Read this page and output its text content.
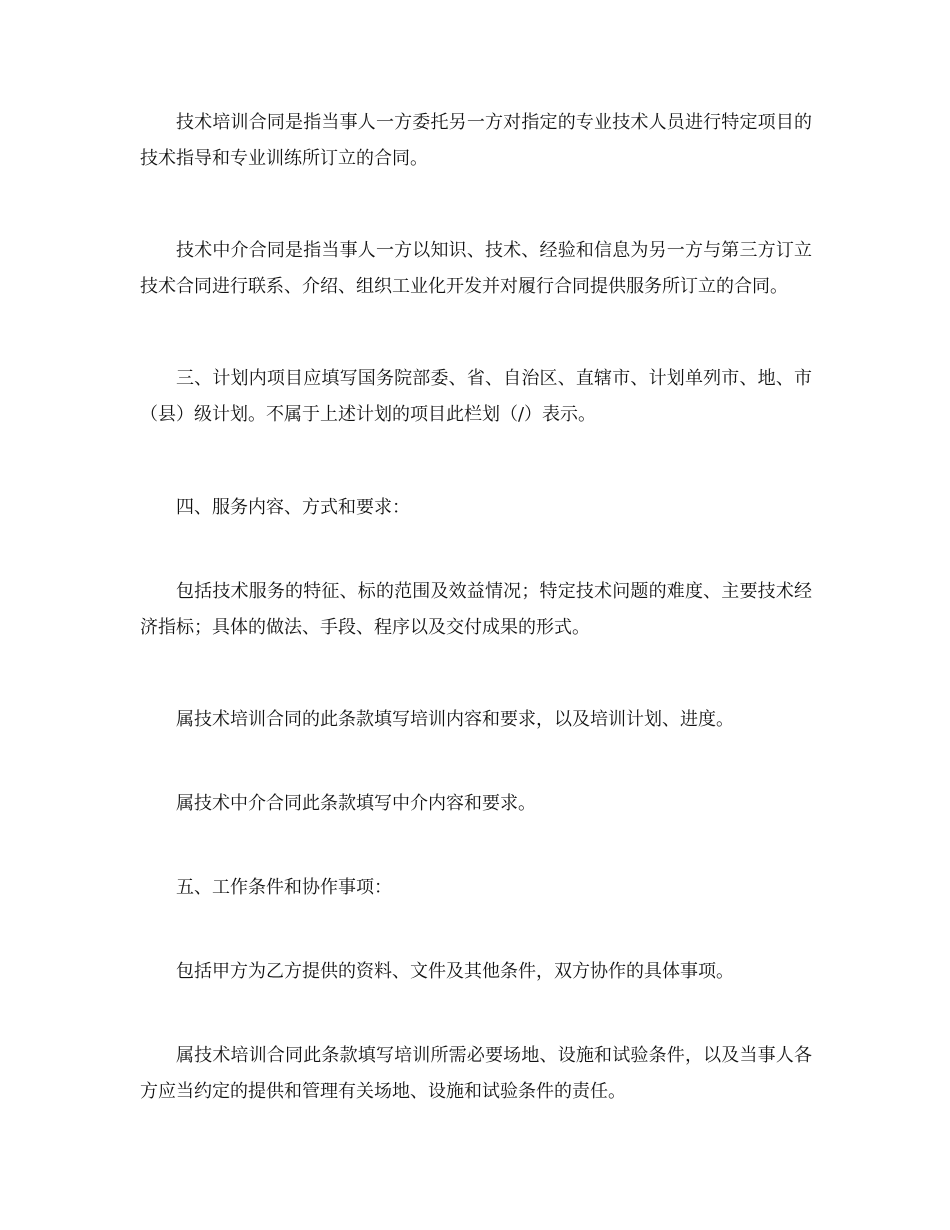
技术培训合同是指当事人一方委托另一方对指定的专业技术人员进行特定项目的技术指导和专业训练所订立的合同。

技术中介合同是指当事人一方以知识、技术、经验和信息为另一方与第三方订立技术合同进行联系、介绍、组织工业化开发并对履行合同提供服务所订立的合同。

三、计划内项目应填写国务院部委、省、自治区、直辖市、计划单列市、地、市（县）级计划。不属于上述计划的项目此栏划（/）表示。

四、服务内容、方式和要求：

包括技术服务的特征、标的范围及效益情况；特定技术问题的难度、主要技术经济指标；具体的做法、手段、程序以及交付成果的形式。

属技术培训合同的此条款填写培训内容和要求，以及培训计划、进度。

属技术中介合同此条款填写中介内容和要求。

五、工作条件和协作事项：

包括甲方为乙方提供的资料、文件及其他条件，双方协作的具体事项。

属技术培训合同此条款填写培训所需必要场地、设施和试验条件，以及当事人各方应当约定的提供和管理有关场地、设施和试验条件的责任。
